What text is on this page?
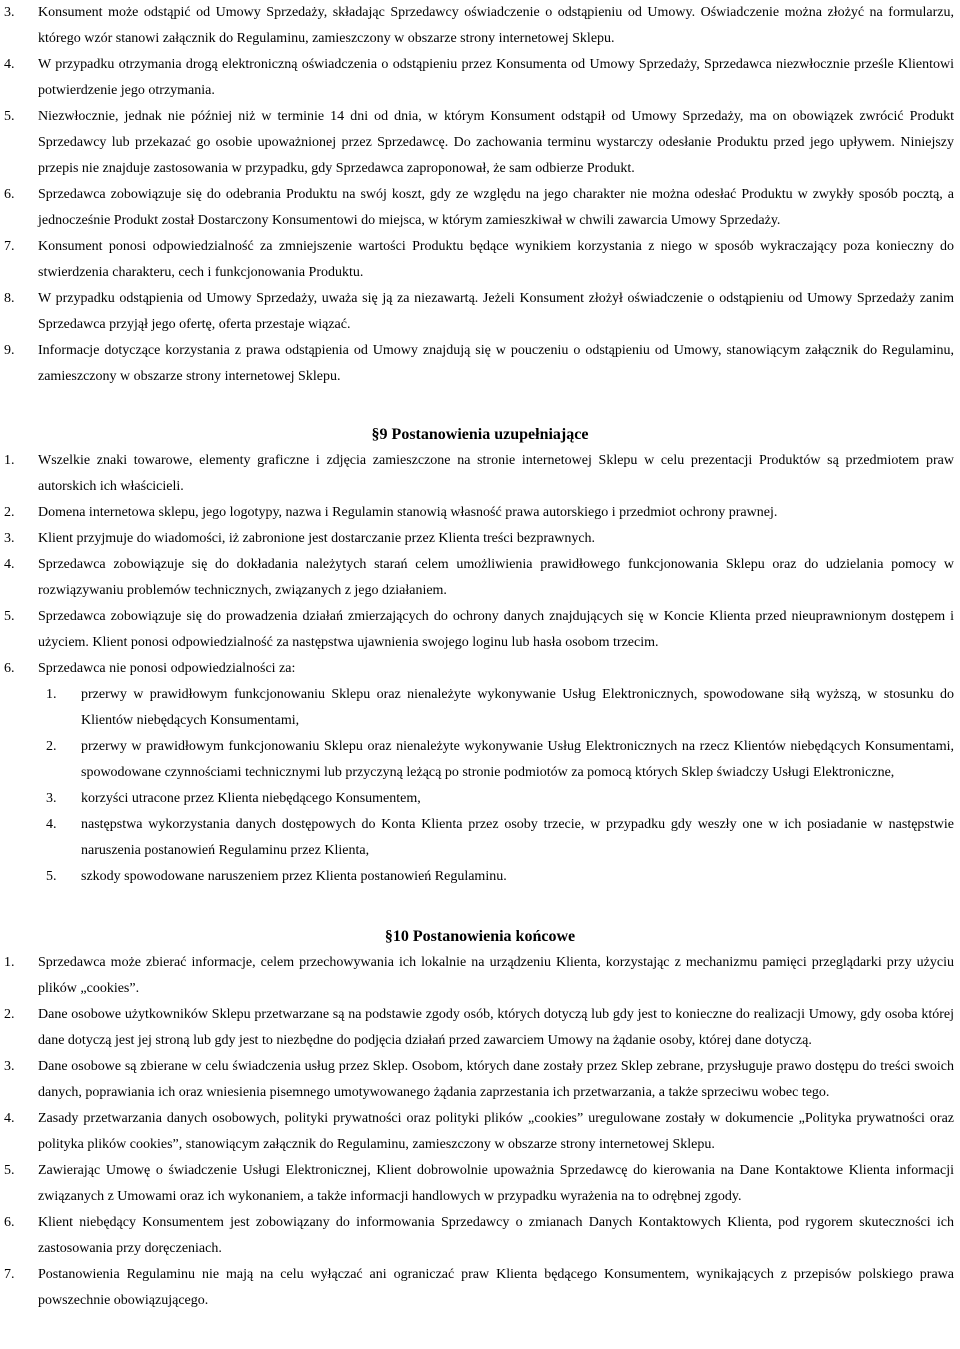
3. Konsument może odstąpić od Umowy Sprzedaży, składając Sprzedawcy oświadczenie o odstąpieniu od Umowy. Oświadczenie można złożyć na formularzu, którego wzór stanowi załącznik do Regulaminu, zamieszczony w obszarze strony internetowej Sklepu.
4. W przypadku otrzymania drogą elektroniczną oświadczenia o odstąpieniu przez Konsumenta od Umowy Sprzedaży, Sprzedawca niezwłocznie prześle Klientowi potwierdzenie jego otrzymania.
5. Niezwłocznie, jednak nie później niż w terminie 14 dni od dnia, w którym Konsument odstąpił od Umowy Sprzedaży, ma on obowiązek zwrócić Produkt Sprzedawcy lub przekazać go osobie upoważnionej przez Sprzedawcę. Do zachowania terminu wystarczy odesłanie Produktu przed jego upływem. Niniejszy przepis nie znajduje zastosowania w przypadku, gdy Sprzedawca zaproponował, że sam odbierze Produkt.
6. Sprzedawca zobowiązuje się do odebrania Produktu na swój koszt, gdy ze względu na jego charakter nie można odesłać Produktu w zwykły sposób pocztą, a jednocześnie Produkt został Dostarczony Konsumentowi do miejsca, w którym zamieszkiwał w chwili zawarcia Umowy Sprzedaży.
7. Konsument ponosi odpowiedzialność za zmniejszenie wartości Produktu będące wynikiem korzystania z niego w sposób wykraczający poza konieczny do stwierdzenia charakteru, cech i funkcjonowania Produktu.
8. W przypadku odstąpienia od Umowy Sprzedaży, uważa się ją za niezawartą. Jeżeli Konsument złożył oświadczenie o odstąpieniu od Umowy Sprzedaży zanim Sprzedawca przyjął jego ofertę, oferta przestaje wiązać.
9. Informacje dotyczące korzystania z prawa odstąpienia od Umowy znajdują się w pouczeniu o odstąpieniu od Umowy, stanowiącym załącznik do Regulaminu, zamieszczony w obszarze strony internetowej Sklepu.
§9 Postanowienia uzupełniające
1. Wszelkie znaki towarowe, elementy graficzne i zdjęcia zamieszczone na stronie internetowej Sklepu w celu prezentacji Produktów są przedmiotem praw autorskich ich właścicieli.
2. Domena internetowa sklepu, jego logotypy, nazwa i Regulamin stanowią własność prawa autorskiego i przedmiot ochrony prawnej.
3. Klient przyjmuje do wiadomości, iż zabronione jest dostarczanie przez Klienta treści bezprawnych.
4. Sprzedawca zobowiązuje się do dokładania należytych starań celem umożliwienia prawidłowego funkcjonowania Sklepu oraz do udzielania pomocy w rozwiązywaniu problemów technicznych, związanych z jego działaniem.
5. Sprzedawca zobowiązuje się do prowadzenia działań zmierzających do ochrony danych znajdujących się w Koncie Klienta przed nieuprawnionym dostępem i użyciem. Klient ponosi odpowiedzialność za następstwa ujawnienia swojego loginu lub hasła osobom trzecim.
6. Sprzedawca nie ponosi odpowiedzialności za:
1. przerwy w prawidłowym funkcjonowaniu Sklepu oraz nienależyte wykonywanie Usług Elektronicznych, spowodowane siłą wyższą, w stosunku do Klientów niebędących Konsumentami,
2. przerwy w prawidłowym funkcjonowaniu Sklepu oraz nienależyte wykonywanie Usług Elektronicznych na rzecz Klientów niebędących Konsumentami, spowodowane czynnościami technicznymi lub przyczyną leżącą po stronie podmiotów za pomocą których Sklep świadczy Usługi Elektroniczne,
3. korzyści utracone przez Klienta niebędącego Konsumentem,
4. następstwa wykorzystania danych dostępowych do Konta Klienta przez osoby trzecie, w przypadku gdy weszły one w ich posiadanie w następstwie naruszenia postanowień Regulaminu przez Klienta,
5. szkody spowodowane naruszeniem przez Klienta postanowień Regulaminu.
§10 Postanowienia końcowe
1. Sprzedawca może zbierać informacje, celem przechowywania ich lokalnie na urządzeniu Klienta, korzystając z mechanizmu pamięci przeglądarki przy użyciu plików „cookies”.
2. Dane osobowe użytkowników Sklepu przetwarzane są na podstawie zgody osób, których dotyczą lub gdy jest to konieczne do realizacji Umowy, gdy osoba której dane dotyczą jest jej stroną lub gdy jest to niezbędne do podjęcia działań przed zawarciem Umowy na żądanie osoby, której dane dotyczą.
3. Dane osobowe są zbierane w celu świadczenia usług przez Sklep. Osobom, których dane zostały przez Sklep zebrane, przysługuje prawo dostępu do treści swoich danych, poprawiania ich oraz wniesienia pisemnego umotywowanego żądania zaprzestania ich przetwarzania, a także sprzeciwu wobec tego.
4. Zasady przetwarzania danych osobowych, polityki prywatności oraz polityki plików „cookies” uregulowane zostały w dokumencie „Polityka prywatności oraz polityka plików cookies”, stanowiącym załącznik do Regulaminu, zamieszczony w obszarze strony internetowej Sklepu.
5. Zawierając Umowę o świadczenie Usługi Elektronicznej, Klient dobrowolnie upoważnia Sprzedawcę do kierowania na Dane Kontaktowe Klienta informacji związanych z Umowami oraz ich wykonaniem, a także informacji handlowych w przypadku wyrażenia na to odrębnej zgody.
6. Klient niebędący Konsumentem jest zobowiązany do informowania Sprzedawcy o zmianach Danych Kontaktowych Klienta, pod rygorem skuteczności ich zastosowania przy doręczeniach.
7. Postanowienia Regulaminu nie mają na celu wyłączać ani ograniczać praw Klienta będącego Konsumentem, wynikających z przepisów polskiego prawa powszechnie obowiązującego.
